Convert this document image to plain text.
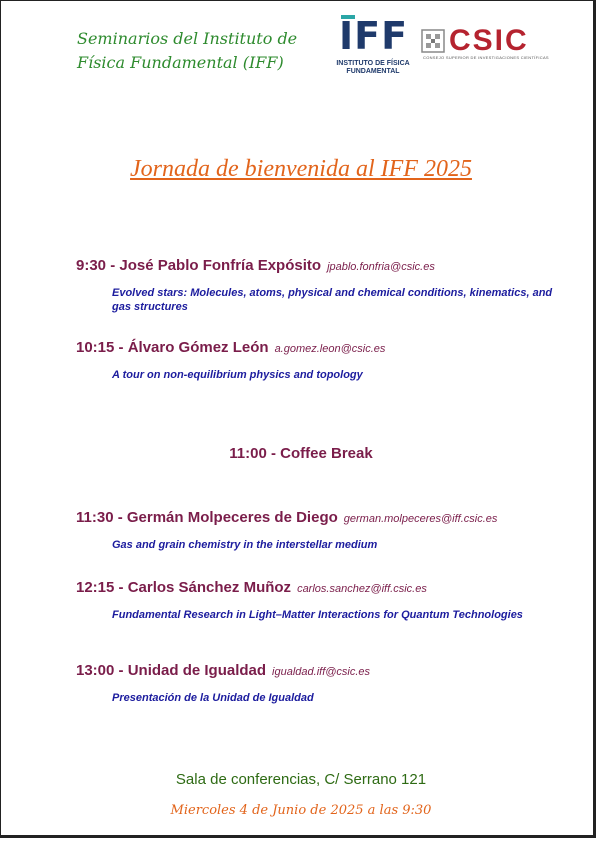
Seminarios del Instituto de
Física Fundamental (IFF)
IFF
INSTITUTO DE FÍSICA
FUNDAMENTAL
CSIC
CONSEJO SUPERIOR DE INVESTIGACIONES CIENTÍFICAS
Jornada de bienvenida al IFF 2025
9:30 - José Pablo Fonfría Expósito jpablo.fonfria@csic.es
Evolved stars: Molecules, atoms, physical and chemical conditions, kinematics, and gas structures
10:15 - Álvaro Gómez León a.gomez.leon@csic.es
A tour on non-equilibrium physics and topology
11:00 - Coffee Break
11:30 - Germán Molpeceres de Diego german.molpeceres@iff.csic.es
Gas and grain chemistry in the interstellar medium
12:15 - Carlos Sánchez Muñoz carlos.sanchez@iff.csic.es
Fundamental Research in Light–Matter Interactions for Quantum Technologies
13:00 - Unidad de Igualdad igualdad.iff@csic.es
Presentación de la Unidad de Igualdad
Sala de conferencias, C/ Serrano 121
Miercoles 4 de Junio de 2025 a las 9:30
